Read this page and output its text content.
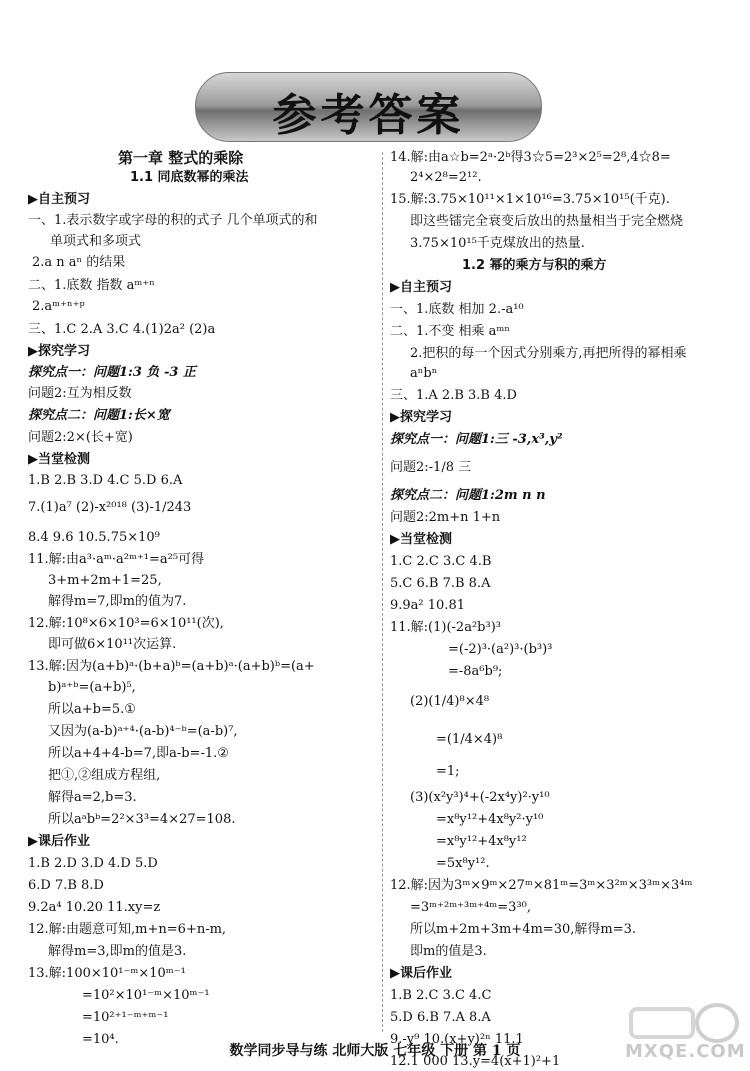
参考答案
第一章 整式的乘除
1.1 同底数幂的乘法
▶自主预习
一、1.表示数字或字母的积的式子 几个单项式的和
单项式和多项式
2.a n aⁿ 的结果
二、1.底数 指数 aᵐ⁺ⁿ
2.aᵐ⁺ⁿ⁺ᵖ
三、1.C 2.A 3.C 4.(1)2a² (2)a
▶探究学习
探究点一：问题1:3 负 -3 正
问题2:互为相反数
探究点二：问题1:长×宽
问题2:2×(长+宽)
▶当堂检测
1.B 2.B 3.D 4.C 5.D 6.A
7.(1)a⁷ (2)-x²⁰¹⁸ (3)-1/243
8.4 9.6 10.5.75×10⁹
11.解:由a³·aᵐ·a²ᵐ⁺¹=a²⁵可得
3+m+2m+1=25,
解得m=7,即m的值为7.
12.解:10⁸×6×10³=6×10¹¹(次),
即可做6×10¹¹次运算.
13.解:因为(a+b)ᵃ·(b+a)ᵇ=(a+b)ᵃ·(a+b)ᵇ=(a+
b)ᵃ⁺ᵇ=(a+b)⁵,
所以a+b=5.①
又因为(a-b)ᵃ⁺⁴·(a-b)⁴⁻ᵇ=(a-b)⁷,
所以a+4+4-b=7,即a-b=-1.②
把①,②组成方程组,
解得a=2,b=3.
所以aᵃbᵇ=2²×3³=4×27=108.
▶课后作业
1.B 2.D 3.D 4.D 5.D
6.D 7.B 8.D
9.2a⁴ 10.20 11.xy=z
12.解:由题意可知,m+n=6+n-m,
解得m=3,即m的值是3.
13.解:100×10¹⁻ᵐ×10ᵐ⁻¹
=10²×10¹⁻ᵐ×10ᵐ⁻¹
=10²⁺¹⁻ᵐ⁺ᵐ⁻¹
=10⁴.
14.解:由a☆b=2ᵃ·2ᵇ得3☆5=2³×2⁵=2⁸,4☆8=
2⁴×2⁸=2¹².
15.解:3.75×10¹¹×1×10¹⁶=3.75×10¹⁵(千克).
即这些镭完全衰变后放出的热量相当于完全燃烧
3.75×10¹⁵千克煤放出的热量.
1.2 幂的乘方与积的乘方
▶自主预习
一、1.底数 相加 2.-a¹⁰
二、1.不变 相乘 aᵐⁿ
2.把积的每一个因式分别乘方,再把所得的幂相乘
aⁿbⁿ
三、1.A 2.B 3.B 4.D
▶探究学习
探究点一：问题1:三 -3,x³,y²
问题2:-1/8 三
探究点二：问题1:2m n n
问题2:2m+n 1+n
▶当堂检测
1.C 2.C 3.C 4.B
5.C 6.B 7.B 8.A
9.9a² 10.81
11.解:(1)(-2a²b³)³
=(-2)³·(a²)³·(b³)³
=-8a⁶b⁹;
(2)(1/4)⁸×4⁸
=(1/4×4)⁸
=1;
(3)(x²y³)⁴+(-2x⁴y)²·y¹⁰
=x⁸y¹²+4x⁸y²·y¹⁰
=x⁸y¹²+4x⁸y¹²
=5x⁸y¹².
12.解:因为3ᵐ×9ᵐ×27ᵐ×81ᵐ=3ᵐ×3²ᵐ×3³ᵐ×3⁴ᵐ
=3ᵐ⁺²ᵐ⁺³ᵐ⁺⁴ᵐ=3³⁰,
所以m+2m+3m+4m=30,解得m=3.
即m的值是3.
▶课后作业
1.B 2.C 3.C 4.C
5.D 6.B 7.A 8.A
9.-y⁹ 10.(x+y)²ⁿ 11.1
12.1 000 13.y=4(x+1)²+1
数学同步导与练 北师大版 七年级 下册 第 1 页	MXQE.COM
